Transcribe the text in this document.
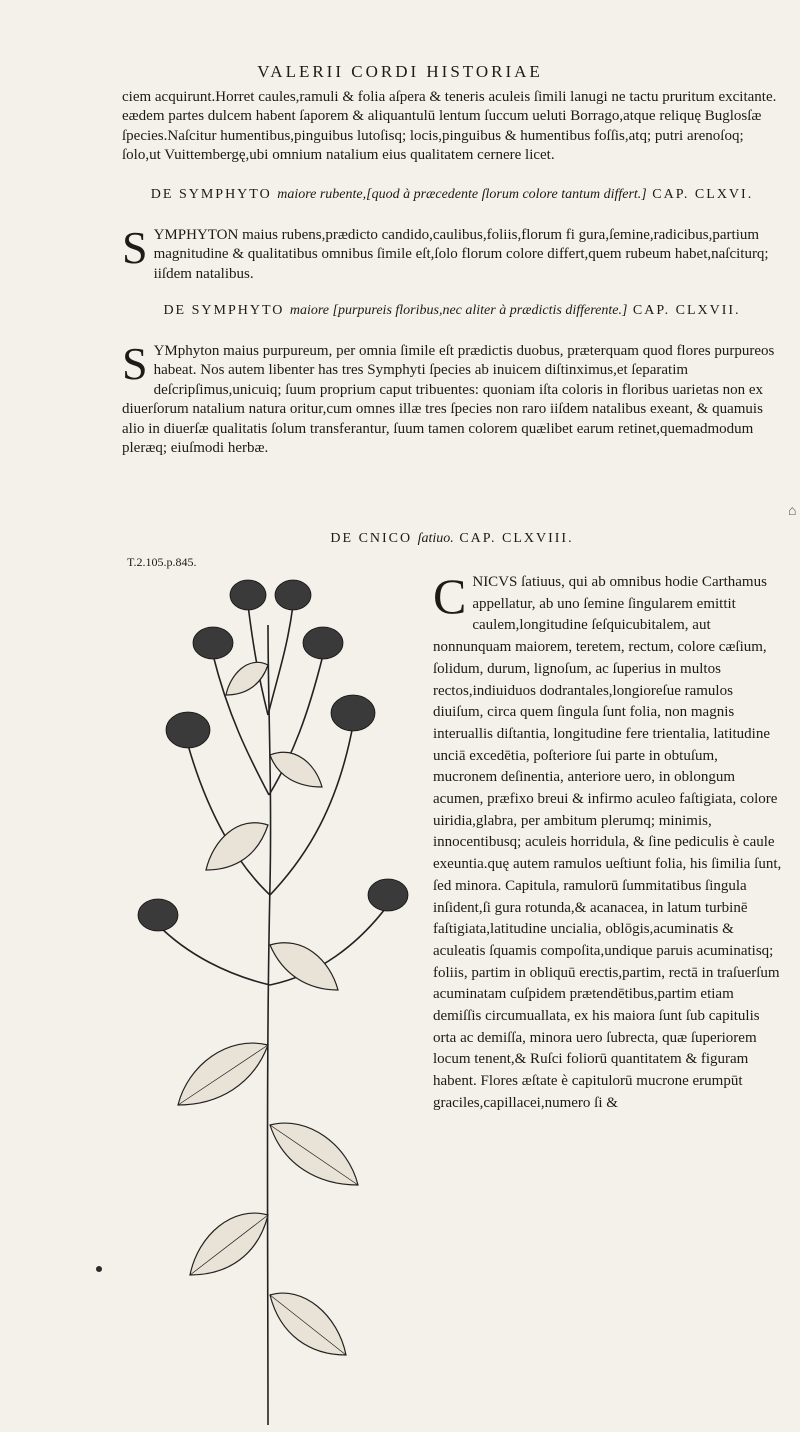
VALERII CORDI HISTORIAE

ciem acquirunt.Horret caules,ramuli & folia aſpera & teneris aculeis ſimili lanugi ne tactu pruritum excitante. eædem partes dulcem habent ſaporem & aliquantulū lentum ſuccum ueluti Borrago,atque reliquę Buglosſæ ſpecies.Naſcitur humentibus,pinguibus lutoſisq; locis,pinguibus & humentibus foſſis,atq; putri arenoſoq; ſolo,ut Vuittembergę,ubi omnium natalium eius qualitatem cernere licet.

DE SYMPHYTO maiore rubente,[quod à præcedente ſlorum colore tantum differt.] CAP. CLXVI.
S YMPHYTON maius rubens,prædicto candido,caulibus,foliis,florum fi gura,ſemine,radicibus,partium magnitudine & qualitatibus omnibus ſimile eſt,ſolo florum colore differt,quem rubeum habet,naſciturq; iiſdem natalibus.

DE SYMPHYTO maiore [purpureis floribus,nec aliter à prædictis differente.] CAP. CLXVII.
S YMphyton maius purpureum, per omnia ſimile eſt prædictis duobus, præterquam quod flores purpureos habeat. Nos autem libenter has tres Symphyti ſpecies ab inuicem diſtinximus,et ſeparatim deſcripſimus,unicuiq; ſuum proprium caput tribuentes: quoniam iſta coloris in floribus uarietas non ex diuerſorum natalium natura oritur,cum omnes illæ tres ſpecies non raro iiſdem natalibus exeant, & quamuis alio in diuerſæ qualitatis ſolum transferantur, ſuum tamen colorem quælibet earum retinet,quemadmodum pleræq; eiuſmodi herbæ.

DE CNICO ſatiuo. CAP. CLXVIII.
T.2.105.p.845.
C NICVS ſatiuus, qui ab omnibus hodie Carthamus appellatur, ab uno ſemine ſingularem emittit caulem,longitudine ſeſquicubitalem, aut nonnunquam maiorem, teretem, rectum, colore cæſium, ſolidum, durum, lignoſum, ac ſuperius in multos rectos,indiuiduos dodrantales,longioreſue ramulos diuiſum, circa quem ſingula ſunt folia, non magnis interuallis diſtantia, longitudine fere trientalia, latitudine unciā excedētia, poſteriore ſui parte in obtuſum, mucronem deſinentia, anteriore uero, in oblongum acumen, præfixo breui & infirmo aculeo faſtigiata, colore uiridia,glabra, per ambitum plerumq; minimis, innocentibusq; aculeis horridula, & ſine pediculis è caule exeuntia.quę autem ramulos ueſtiunt folia, his ſimilia ſunt, ſed minora. Capitula, ramulorū ſummitatibus ſingula inſident,ſi gura rotunda,& acanacea, in latum turbinē faſtigiata,latitudine uncialia, oblōgis,acuminatis & aculeatis ſquamis compoſita,undique paruis acuminatisq; foliis, partim in obliquū erectis,partim, rectā in traſuerſum acuminatam cuſpidem prætendētibus,partim etiam demiſſis circumuallata, ex his maiora ſunt ſub capitulis orta ac demiſſa, minora uero ſubrecta, quæ ſuperiorem locum tenent,& Ruſci foliorū quantitatem & figuram habent. Flores æſtate è capitulorū mucrone erumpūt graciles,capillacei,numero ſi &

⌂
